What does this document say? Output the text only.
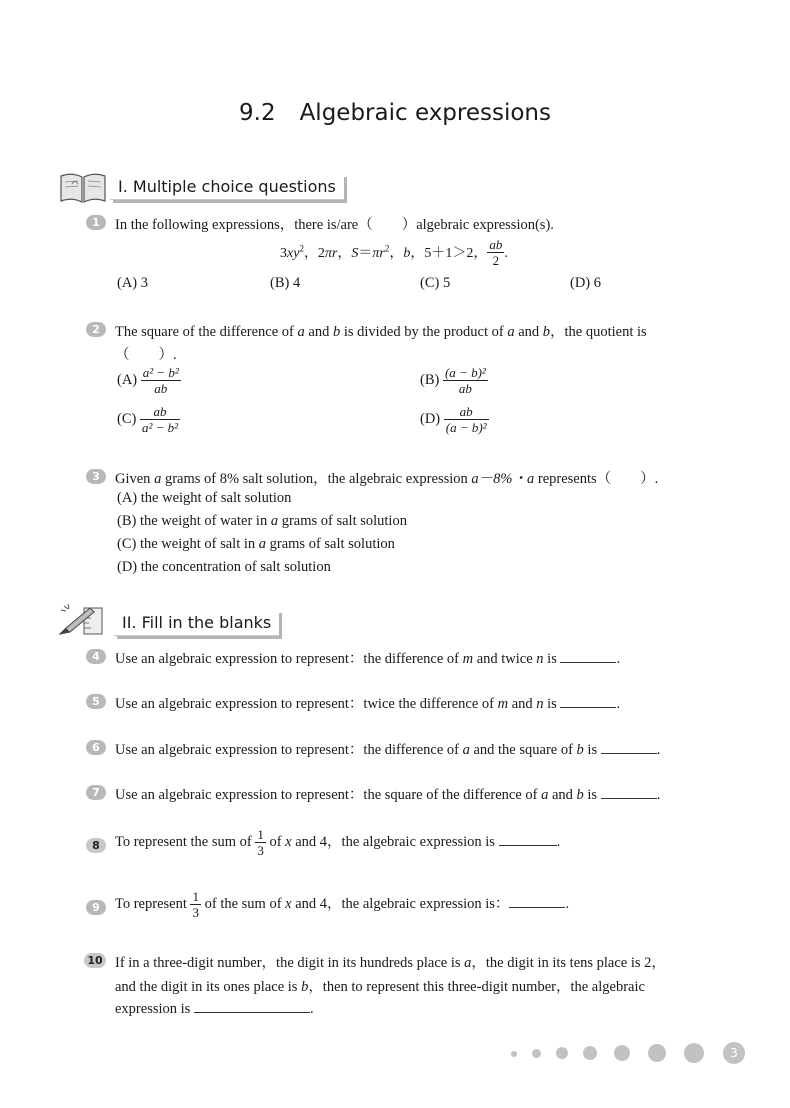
9.2 Algebraic expressions
I. Multiple choice questions
1	In the following expressions，there is/are（　　）algebraic expression(s).
$3xy^2$，2πr，$S=\pi r^2$，b，5＋1＞2， $\frac{ab}{2}$ .
(A) 3	(B) 4	(C) 5	(D) 6
2	The square of the difference of a and b is divided by the product of a and b，the quotient is
（　　）.
$(A) \frac{\text{a² − b²}}{ab}$	$(B) \frac{\text{(a − b)²}}{ab}$
$(C) \frac{ab}{\text{a² − b²}}$	$(D) \frac{ab}{\text{(a − b)²}}$
3	Given a grams of 8% salt solution，the algebraic expression a－8%・a represents（　　）.
(A) the weight of salt solution
(B) the weight of water in a grams of salt solution
(C) the weight of salt in a grams of salt solution
(D) the concentration of salt solution
II. Fill in the blanks
4	Use an algebraic expression to represent：the difference of m and twice n is	.
5	Use an algebraic expression to represent：twice the difference of m and n is	.
6	Use an algebraic expression to represent：the difference of a and the square of b is	.
7	Use an algebraic expression to represent：the square of the difference of a and b is	.
8	To represent the sum of $\frac{1}{3}$ of x and 4，the algebraic expression is	.
9	To represent $\frac{1}{3}$ of the sum of x and 4，the algebraic expression is：	.
10 If in a three-digit number，the digit in its hundreds place is a，the digit in its tens place is 2，
and the digit in its ones place is b，then to represent this three-digit number，the algebraic
expression is	.
3
